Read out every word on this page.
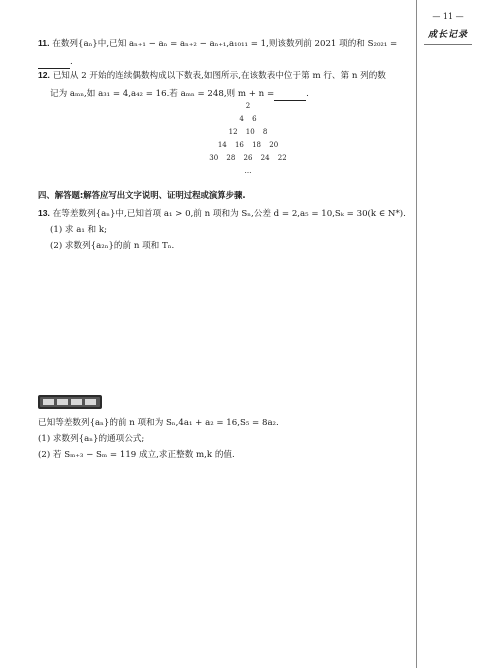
— 11 —
成长记录
11. 在数列{aₙ}中,已知 aₙ₊₁ − aₙ = aₙ₊₂ − aₙ₊₁,a₁₀₁₁ = 1,则该数列前 2021 项的和 S₂₀₂₁ =
.
12. 已知从 2 开始的连续偶数构成以下数表,如图所示,在该数表中位于第 m 行、第 n 列的数
记为 aₘₙ,如 a₃₁ = 4,a₄₂ = 16.若 aₘₙ = 248,则 m + n =	.
2
4 6
12 10 8
14 16 18 20
30 28 26 24 22
…
四、解答题:解答应写出文字说明、证明过程或演算步骤.
13. 在等差数列{aₙ}中,已知首项 a₁ > 0,前 n 项和为 Sₙ,公差 d = 2,a₅ = 10,Sₖ = 30(k ∈ N*).
(1) 求 a₁ 和 k;
(2) 求数列{a₂ₙ}的前 n 项和 Tₙ.
已知等差数列{aₙ}的前 n 项和为 Sₙ,4a₁ + a₂ = 16,S₅ = 8a₂.
(1) 求数列{aₙ}的通项公式;
(2) 若 Sₘ₊₃ − Sₘ = 119 成立,求正整数 m,k 的值.
